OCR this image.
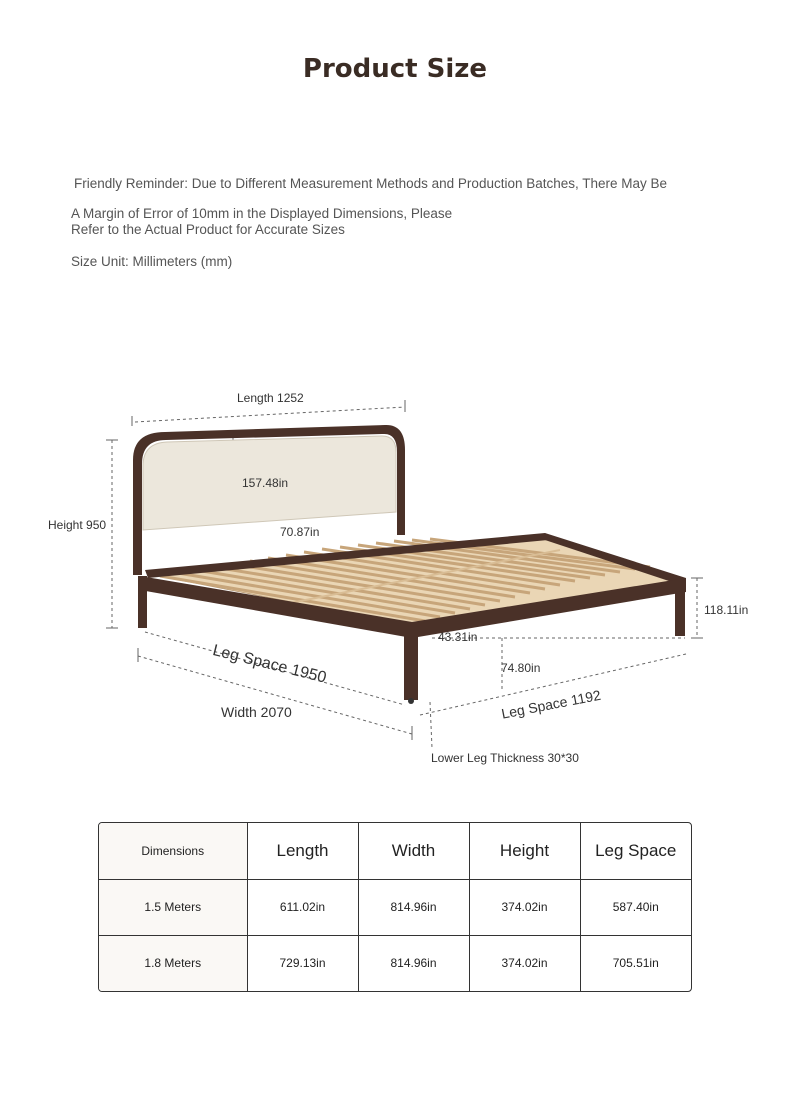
Product Size
Friendly Reminder: Due to Different Measurement Methods and Production Batches, There May Be
A Margin of Error of 10mm in the Displayed Dimensions, Please
Refer to the Actual Product for Accurate Sizes
Size Unit: Millimeters (mm)
Length 1252
Height 950
157.48in
70.87in
Leg Space 1950
Width 2070
118.11in
43.31in
74.80in
Leg Space 1192
Lower Leg Thickness 30*30
Dimensions	Length	Width	Height	Leg Space
1.5 Meters	611.02in	814.96in	374.02in	587.40in
1.8 Meters	729.13in	814.96in	374.02in	705.51in
